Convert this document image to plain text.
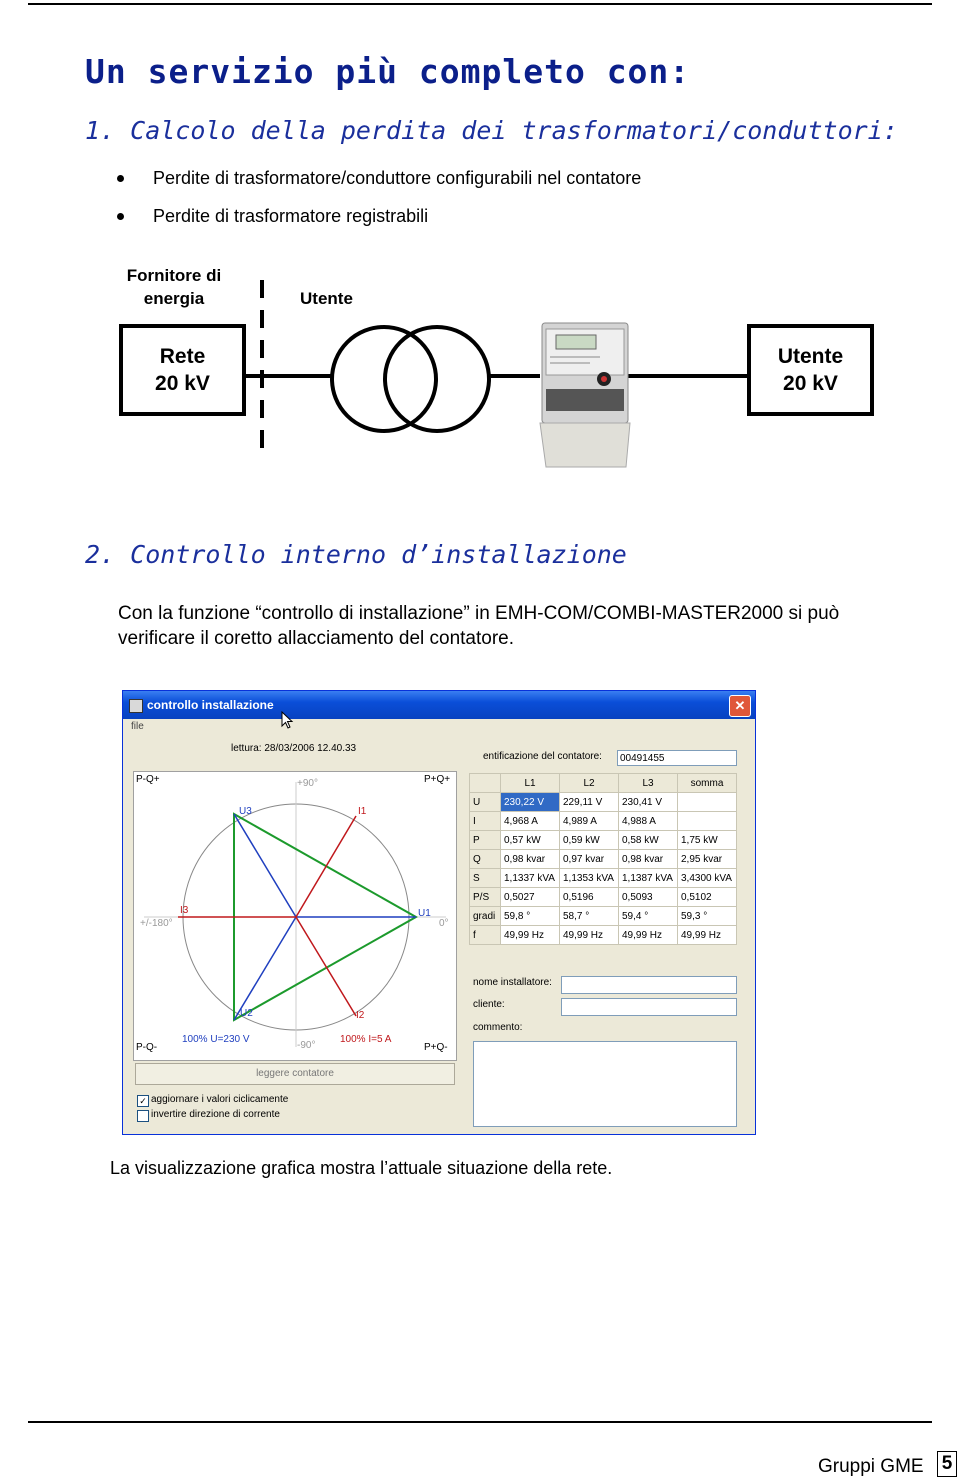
Un servizio più completo con:
1. Calcolo della perdita dei trasformatori/conduttori:
Perdite di trasformatore/conduttore configurabili nel contatore
Perdite di trasformatore registrabili
Fornitore di
energia	Utente
Rete
20 kV
Utente
20 kV
2. Controllo interno d’installazione

Con la funzione “controllo di installazione” in EMH-COM/COMBI-MASTER2000 si può verificare il coretto allacciamento del contatore.

controllo installazione	✕
file
lettura: 28/03/2006 12.40.33
entificazione del contatore:	00491455
P-Q+	P+Q+
P-Q-	P+Q-
+90°
-90°
+/-180°	0°
U1
U2
U3	I1
I2
I3
100% U=230 V	100% I=5 A
	L1	L2	L3	somma
U	230,22 V	229,11 V	230,41 V	
I	4,968 A	4,989 A	4,988 A	
P	0,57 kW	0,59 kW	0,58 kW	1,75 kW
Q	0,98 kvar	0,97 kvar	0,98 kvar	2,95 kvar
S	1,1337 kVA	1,1353 kVA	1,1387 kVA	3,4300 kVA
P/S	0,5027	0,5196	0,5093	0,5102
gradi	59,8 °	58,7 °	59,4 °	59,3 °
f	49,99 Hz	49,99 Hz	49,99 Hz	49,99 Hz
nome installatore:
cliente:
commento:
leggere contatore
✓ aggiornare i valori ciclicamente
invertire direzione di corrente

La visualizzazione grafica mostra l’attuale situazione della rete.

Gruppi GME 5
